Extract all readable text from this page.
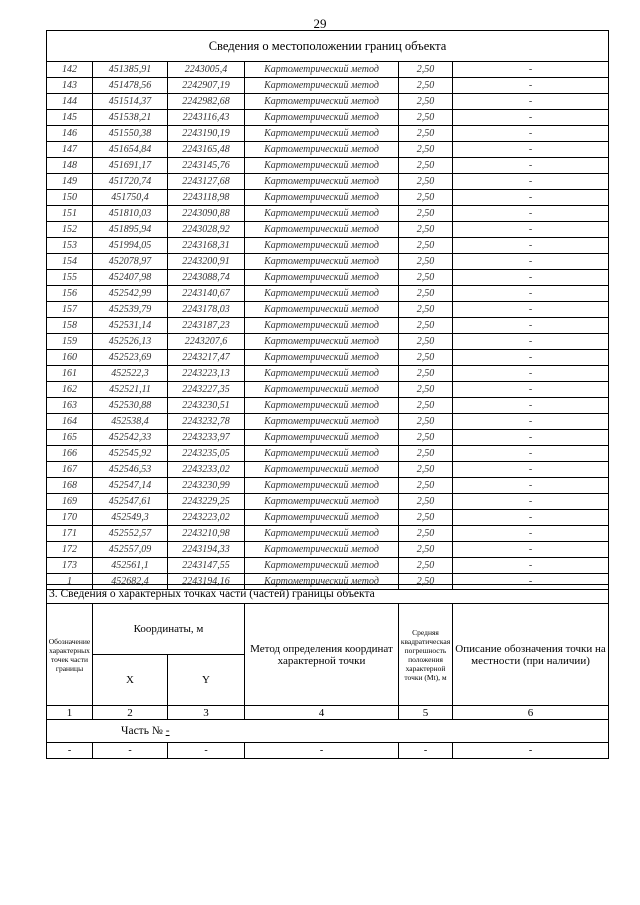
29
Сведения о местоположении границ объекта					
142	451385,91	2243005,4	Картометрический метод	2,50	-
143	451478,56	2242907,19	Картометрический метод	2,50	-
144	451514,37	2242982,68	Картометрический метод	2,50	-
145	451538,21	2243116,43	Картометрический метод	2,50	-
146	451550,38	2243190,19	Картометрический метод	2,50	-
147	451654,84	2243165,48	Картометрический метод	2,50	-
148	451691,17	2243145,76	Картометрический метод	2,50	-
149	451720,74	2243127,68	Картометрический метод	2,50	-
150	451750,4	2243118,98	Картометрический метод	2,50	-
151	451810,03	2243090,88	Картометрический метод	2,50	-
152	451895,94	2243028,92	Картометрический метод	2,50	-
153	451994,05	2243168,31	Картометрический метод	2,50	-
154	452078,97	2243200,91	Картометрический метод	2,50	-
155	452407,98	2243088,74	Картометрический метод	2,50	-
156	452542,99	2243140,67	Картометрический метод	2,50	-
157	452539,79	2243178,03	Картометрический метод	2,50	-
158	452531,14	2243187,23	Картометрический метод	2,50	-
159	452526,13	2243207,6	Картометрический метод	2,50	-
160	452523,69	2243217,47	Картометрический метод	2,50	-
161	452522,3	2243223,13	Картометрический метод	2,50	-
162	452521,11	2243227,35	Картометрический метод	2,50	-
163	452530,88	2243230,51	Картометрический метод	2,50	-
164	452538,4	2243232,78	Картометрический метод	2,50	-
165	452542,33	2243233,97	Картометрический метод	2,50	-
166	452545,92	2243235,05	Картометрический метод	2,50	-
167	452546,53	2243233,02	Картометрический метод	2,50	-
168	452547,14	2243230,99	Картометрический метод	2,50	-
169	452547,61	2243229,25	Картометрический метод	2,50	-
170	452549,3	2243223,02	Картометрический метод	2,50	-
171	452552,57	2243210,98	Картометрический метод	2,50	-
172	452557,09	2243194,33	Картометрический метод	2,50	-
173	452561,1	2243147,55	Картометрический метод	2,50	-
1	452682,4	2243194,16	Картометрический метод	2,50	-
3. Сведения о характерных точках части (частей) границы объекта					
Обозначение характерных точек части границы	Координаты, м		Метод определения координат характерной точки	Средняя квадратическая погрешность положения характерной точки (Mt), м	Описание обозначения точки на местности (при наличии)
	X	Y			
1	2	3	4	5	6
Часть № -					
-	-	-	-	-	-
